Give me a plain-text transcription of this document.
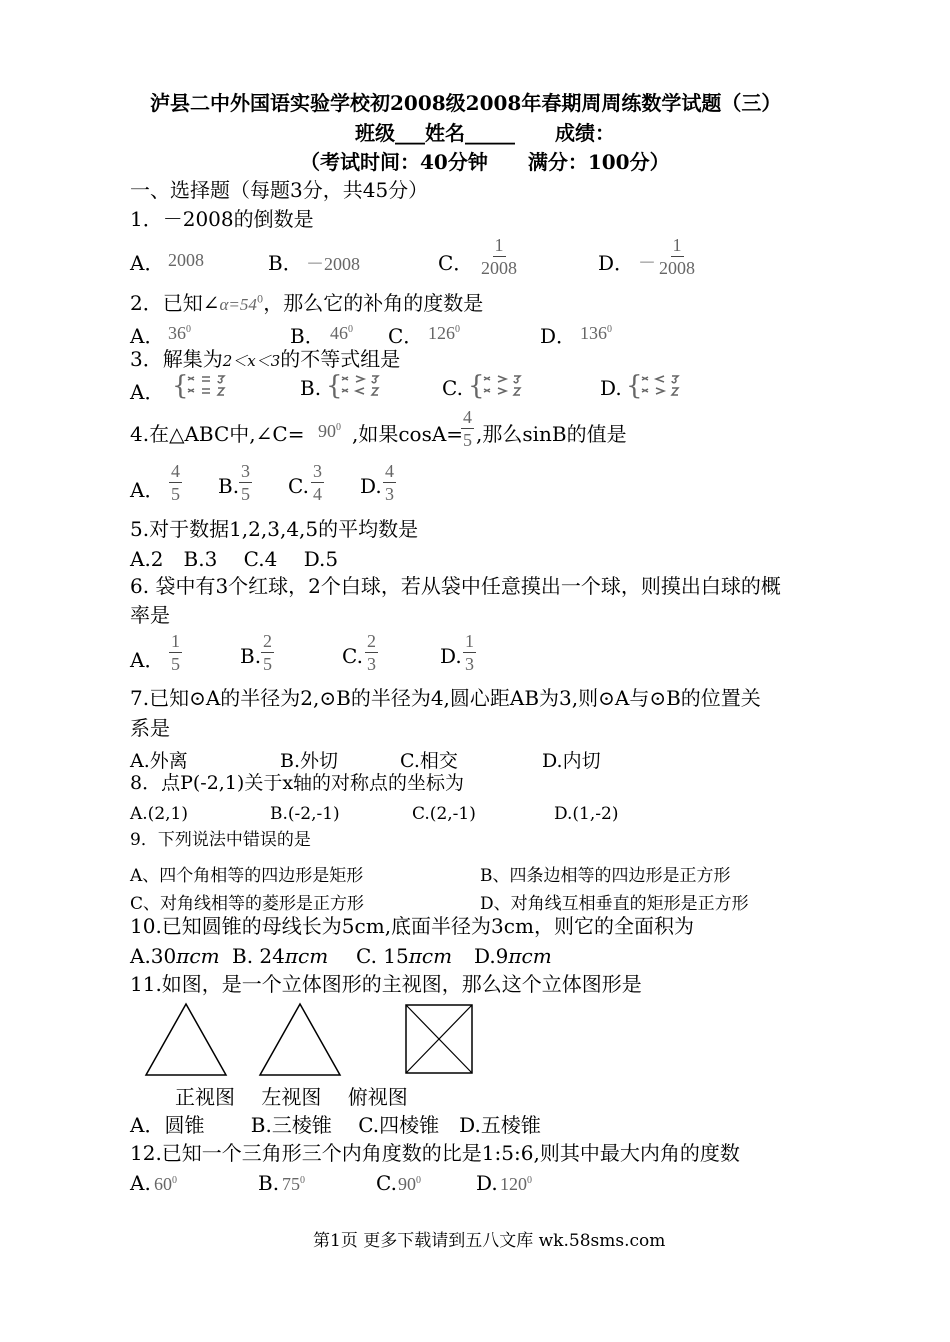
泸县二中外国语实验学校初2008级2008年春期周周练数学试题（三）
班级___姓名_____　　成绩：
（考试时间：40分钟　　满分：100分）
一、选择题（每题3分，共45分）
1．－2008的倒数是
A． 2008	B． －2008	C． $\frac{1}{2008}$	D． － $\frac{1}{2008}$
2．已知$\angle\alpha=54^0$，那么它的补角的度数是
A． $36^0$	B． $46^0$ C． $126^0$	D． $136^0$
3．解集为2＜x＜3的不等式组是
A． {	B. {	C. {	D. {
4.在△ABC中,∠C= $90^0$ ,如果cosA=
$\frac{4}{5}$ ,那么sinB的值是
A． $\frac{4}{5} B$. $\frac{3}{5} C$. $\frac{3}{4} D$. $\frac{4}{3}$
5.对于数据1,2,3,4,5的平均数是
A.2　B.3　 C.4　 D.5
6. 袋中有3个红球，2个白球，若从袋中任意摸出一个球，则摸出白球的概
率是
A． $\frac{1}{5}$	B. $\frac{2}{5}$	C. $\frac{2}{3}$	D. $\frac{1}{3}$
7.已知⊙A的半径为2,⊙B的半径为4,圆心距AB为3,则⊙A与⊙B的位置关
系是
A.外离	B.外切	C.相交	D.内切
8．点P(-2,1)关于x轴的对称点的坐标为
A.(2,1)	B.(-2,-1)	C.(2,-1)	D.(1,-2)
9．下列说法中错误的是
A、四个角相等的四边形是矩形	B、四条边相等的四边形是正方形
C、对角线相等的菱形是正方形	D、对角线互相垂直的矩形是正方形
10.已知圆锥的母线长为5cm,底面半径为3cm，则它的全面积为
A.30πcm B. 24πcm C. 15πcm D.9πcm
11.如图，是一个立体图形的主视图，那么这个立体图形是
正视图　 左视图　 俯视图
A．圆锥　　 B.三棱锥　 C.四棱锥　D.五棱锥
12.已知一个三角形三个内角度数的比是1:5:6,则其中最大内角的度数
A. $60^0$	B. $75^0$	C. $90^0$	D. $120^0$
第1页 更多下载请到五八文库 wk.58sms.com
